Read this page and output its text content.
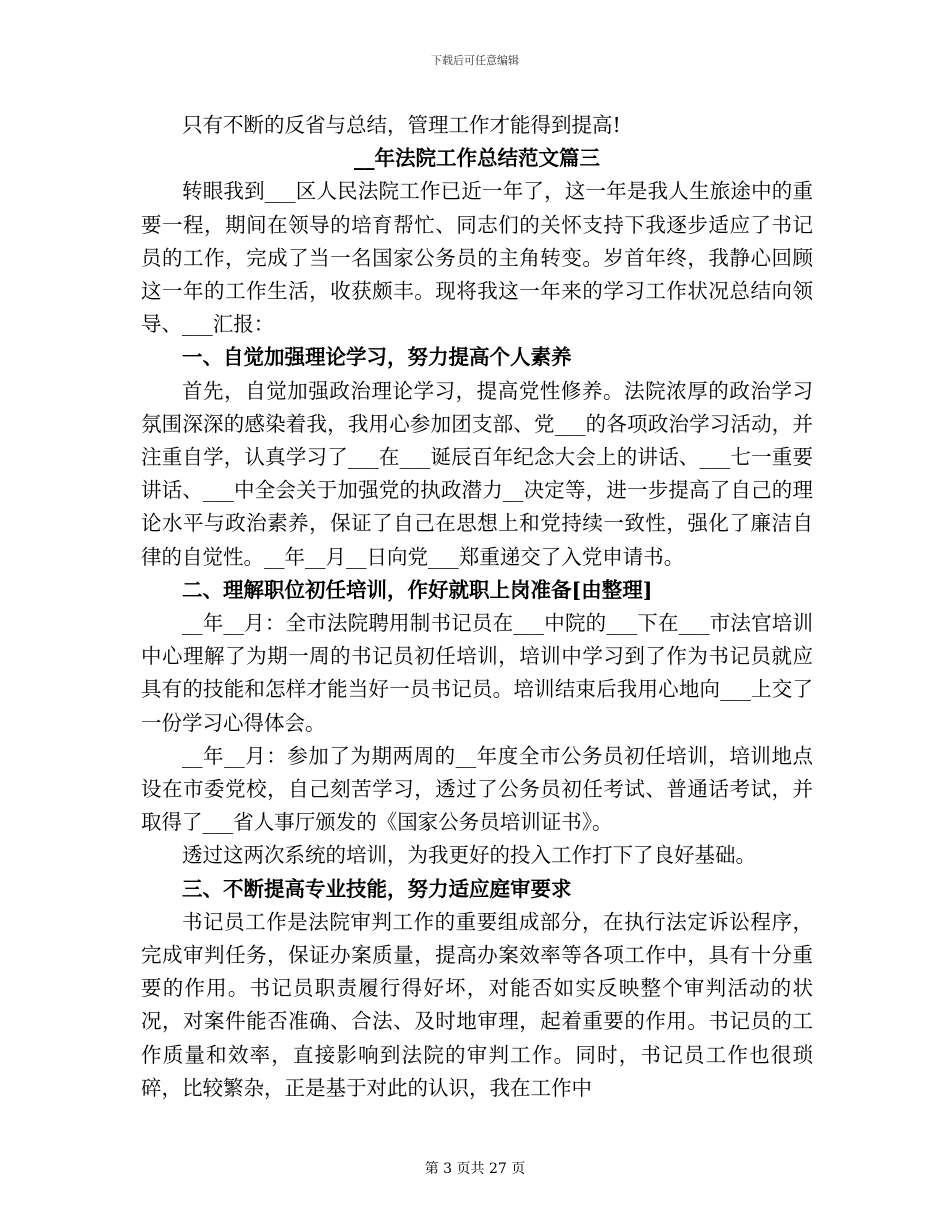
下载后可任意编辑

只有不断的反省与总结，管理工作才能得到提高!

__年法院工作总结范文篇三

转眼我到___区人民法院工作已近一年了，这一年是我人生旅途中的重要一程，期间在领导的培育帮忙、同志们的关怀支持下我逐步适应了书记员的工作，完成了当一名国家公务员的主角转变。岁首年终，我静心回顾这一年的工作生活，收获颇丰。现将我这一年来的学习工作状况总结向领导、___汇报：

一、自觉加强理论学习，努力提高个人素养

首先，自觉加强政治理论学习，提高党性修养。法院浓厚的政治学习氛围深深的感染着我，我用心参加团支部、党___的各项政治学习活动，并注重自学，认真学习了___在___诞辰百年纪念大会上的讲话、___七一重要讲话、___中全会关于加强党的执政潜力__决定等，进一步提高了自己的理论水平与政治素养，保证了自己在思想上和党持续一致性，强化了廉洁自律的自觉性。__年__月__日向党___郑重递交了入党申请书。

二、理解职位初任培训，作好就职上岗准备[由整理]

__年__月：全市法院聘用制书记员在___中院的___下在___市法官培训中心理解了为期一周的书记员初任培训，培训中学习到了作为书记员就应具有的技能和怎样才能当好一员书记员。培训结束后我用心地向___上交了一份学习心得体会。

__年__月：参加了为期两周的__年度全市公务员初任培训，培训地点设在市委党校，自己刻苦学习，透过了公务员初任考试、普通话考试，并取得了___省人事厅颁发的《国家公务员培训证书》。

透过这两次系统的培训，为我更好的投入工作打下了良好基础。

三、不断提高专业技能，努力适应庭审要求

书记员工作是法院审判工作的重要组成部分，在执行法定诉讼程序，完成审判任务，保证办案质量，提高办案效率等各项工作中，具有十分重要的作用。书记员职责履行得好坏，对能否如实反映整个审判活动的状况，对案件能否准确、合法、及时地审理，起着重要的作用。书记员的工作质量和效率，直接影响到法院的审判工作。同时，书记员工作也很琐碎，比较繁杂，正是基于对此的认识，我在工作中

第 3 页共 27 页
